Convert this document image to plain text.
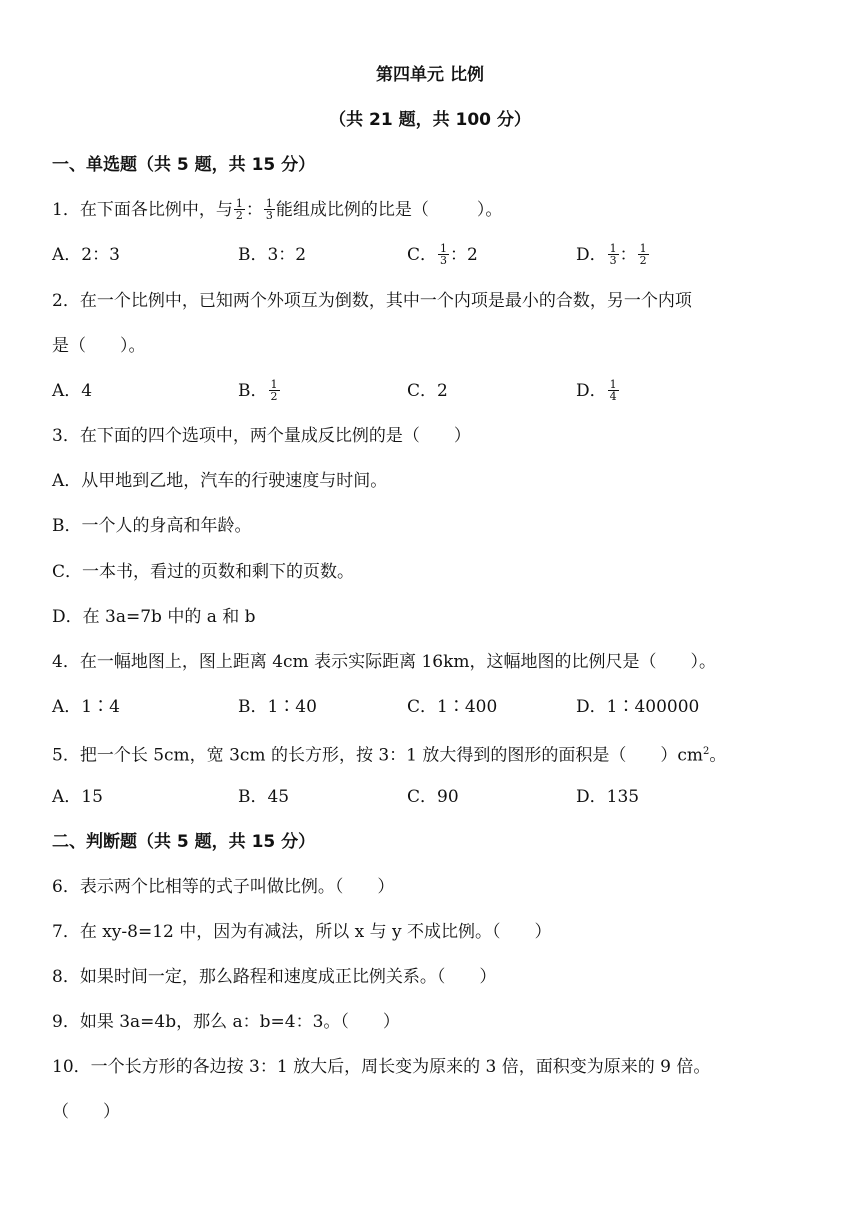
第四单元 比例
（共 21 题，共 100 分）
一、单选题（共 5 题，共 15 分）
1．在下面各比例中，与 $\frac{1}{2}$ ： $\frac{1}{3}$ 能组成比例的比是（	）。
A．2：3	B．3：2	C． $\frac{1}{3}$ ：2	D． $\frac{1}{3}$ ： $\frac{1}{2}$
2．在一个比例中，已知两个外项互为倒数，其中一个内项是最小的合数，另一个内项
是（　　）。
A．4	B． $\frac{1}{2}$	C．2	D． $\frac{1}{4}$
3．在下面的四个选项中，两个量成反比例的是（　　）
A．从甲地到乙地，汽车的行驶速度与时间。
B．一个人的身高和年龄。
C．一本书，看过的页数和剩下的页数。
D．在 3a=7b 中的 a 和 b
4．在一幅地图上，图上距离 4cm 表示实际距离 16km，这幅地图的比例尺是（　　）。
A．1∶4	B．1∶40	C．1∶400	D．1∶400000
5．把一个长 5cm，宽 3cm 的长方形，按 3：1 放大得到的图形的面积是（　　）$cm^2$。
A．15	B．45	C．90	D．135
二、判断题（共 5 题，共 15 分）
6．表示两个比相等的式子叫做比例。（　　）
7．在 xy-8=12 中，因为有减法，所以 x 与 y 不成比例。（　　）
8．如果时间一定，那么路程和速度成正比例关系。（　　）
9．如果 3a=4b，那么 a：b=4：3。（　　）
10．一个长方形的各边按 3：1 放大后，周长变为原来的 3 倍，面积变为原来的 9 倍。
（　　）
